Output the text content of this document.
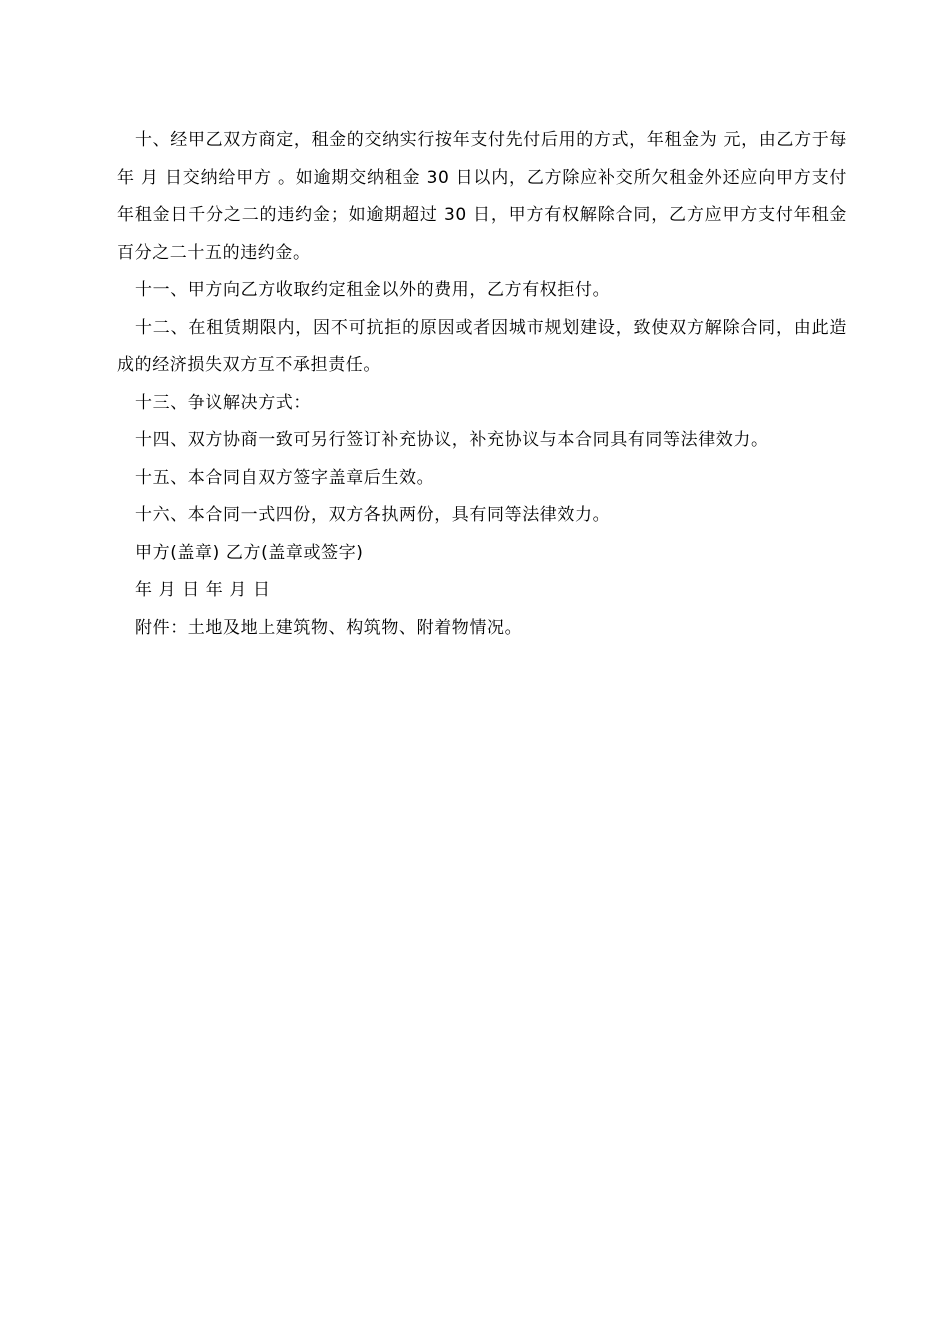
十、经甲乙双方商定，租金的交纳实行按年支付先付后用的方式，年租金为 元，由乙方于每年 月 日交纳给甲方 。如逾期交纳租金 30 日以内，乙方除应补交所欠租金外还应向甲方支付年租金日千分之二的违约金；如逾期超过 30 日，甲方有权解除合同，乙方应甲方支付年租金百分之二十五的违约金。

十一、甲方向乙方收取约定租金以外的费用，乙方有权拒付。

十二、在租赁期限内，因不可抗拒的原因或者因城市规划建设，致使双方解除合同，由此造成的经济损失双方互不承担责任。

十三、争议解决方式：

十四、双方协商一致可另行签订补充协议，补充协议与本合同具有同等法律效力。

十五、本合同自双方签字盖章后生效。

十六、本合同一式四份，双方各执两份，具有同等法律效力。

甲方(盖章) 乙方(盖章或签字)

年 月 日 年 月 日

附件：土地及地上建筑物、构筑物、附着物情况。
